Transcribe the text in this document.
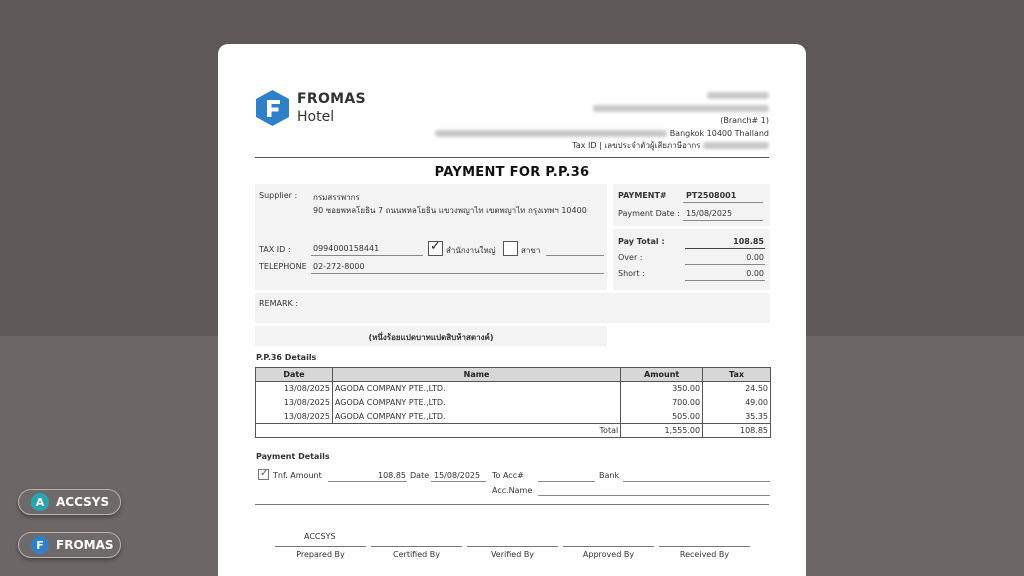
FROMAS
Hotel	(Branch# 1)
Bangkok 10400 Thailand
Tax ID | เลขประจำตัวผู้เสียภาษีอากร
PAYMENT FOR P.P.36
Supplier : กรมสรรพากร
90 ซอยพหลโยธิน 7 ถนนพหลโยธิน แขวงพญาไท เขตพญาไท กรุงเทพฯ 10400
TAX ID :	0994000158441	✓ สำนักงานใหญ่	สาขา
TELEPHONE 02-272-8000
PAYMENT# PT2508001
Payment Date : 15/08/2025
Pay Total :	108.85
Over :	0.00
Short :	0.00
REMARK :
(หนึ่งร้อยแปดบาทแปดสิบห้าสตางค์)
P.P.36 Details
Date	Name	Amount	Tax
13/08/2025	AGODA COMPANY PTE.,LTD.	350.00	24.50
13/08/2025	AGODA COMPANY PTE.,LTD.	700.00	49.00
13/08/2025	AGODA COMPANY PTE.,LTD.	505.00	35.35
Total		1,555.00	108.85
Payment Details
✓ Tnf. Amount	108.85 Date 15/08/2025 To Acc#	Bank
Acc.Name
ACCSYS
Prepared By	Certified By	Verified By	Approved By	Received By
A ACCSYS
F	FROMAS
